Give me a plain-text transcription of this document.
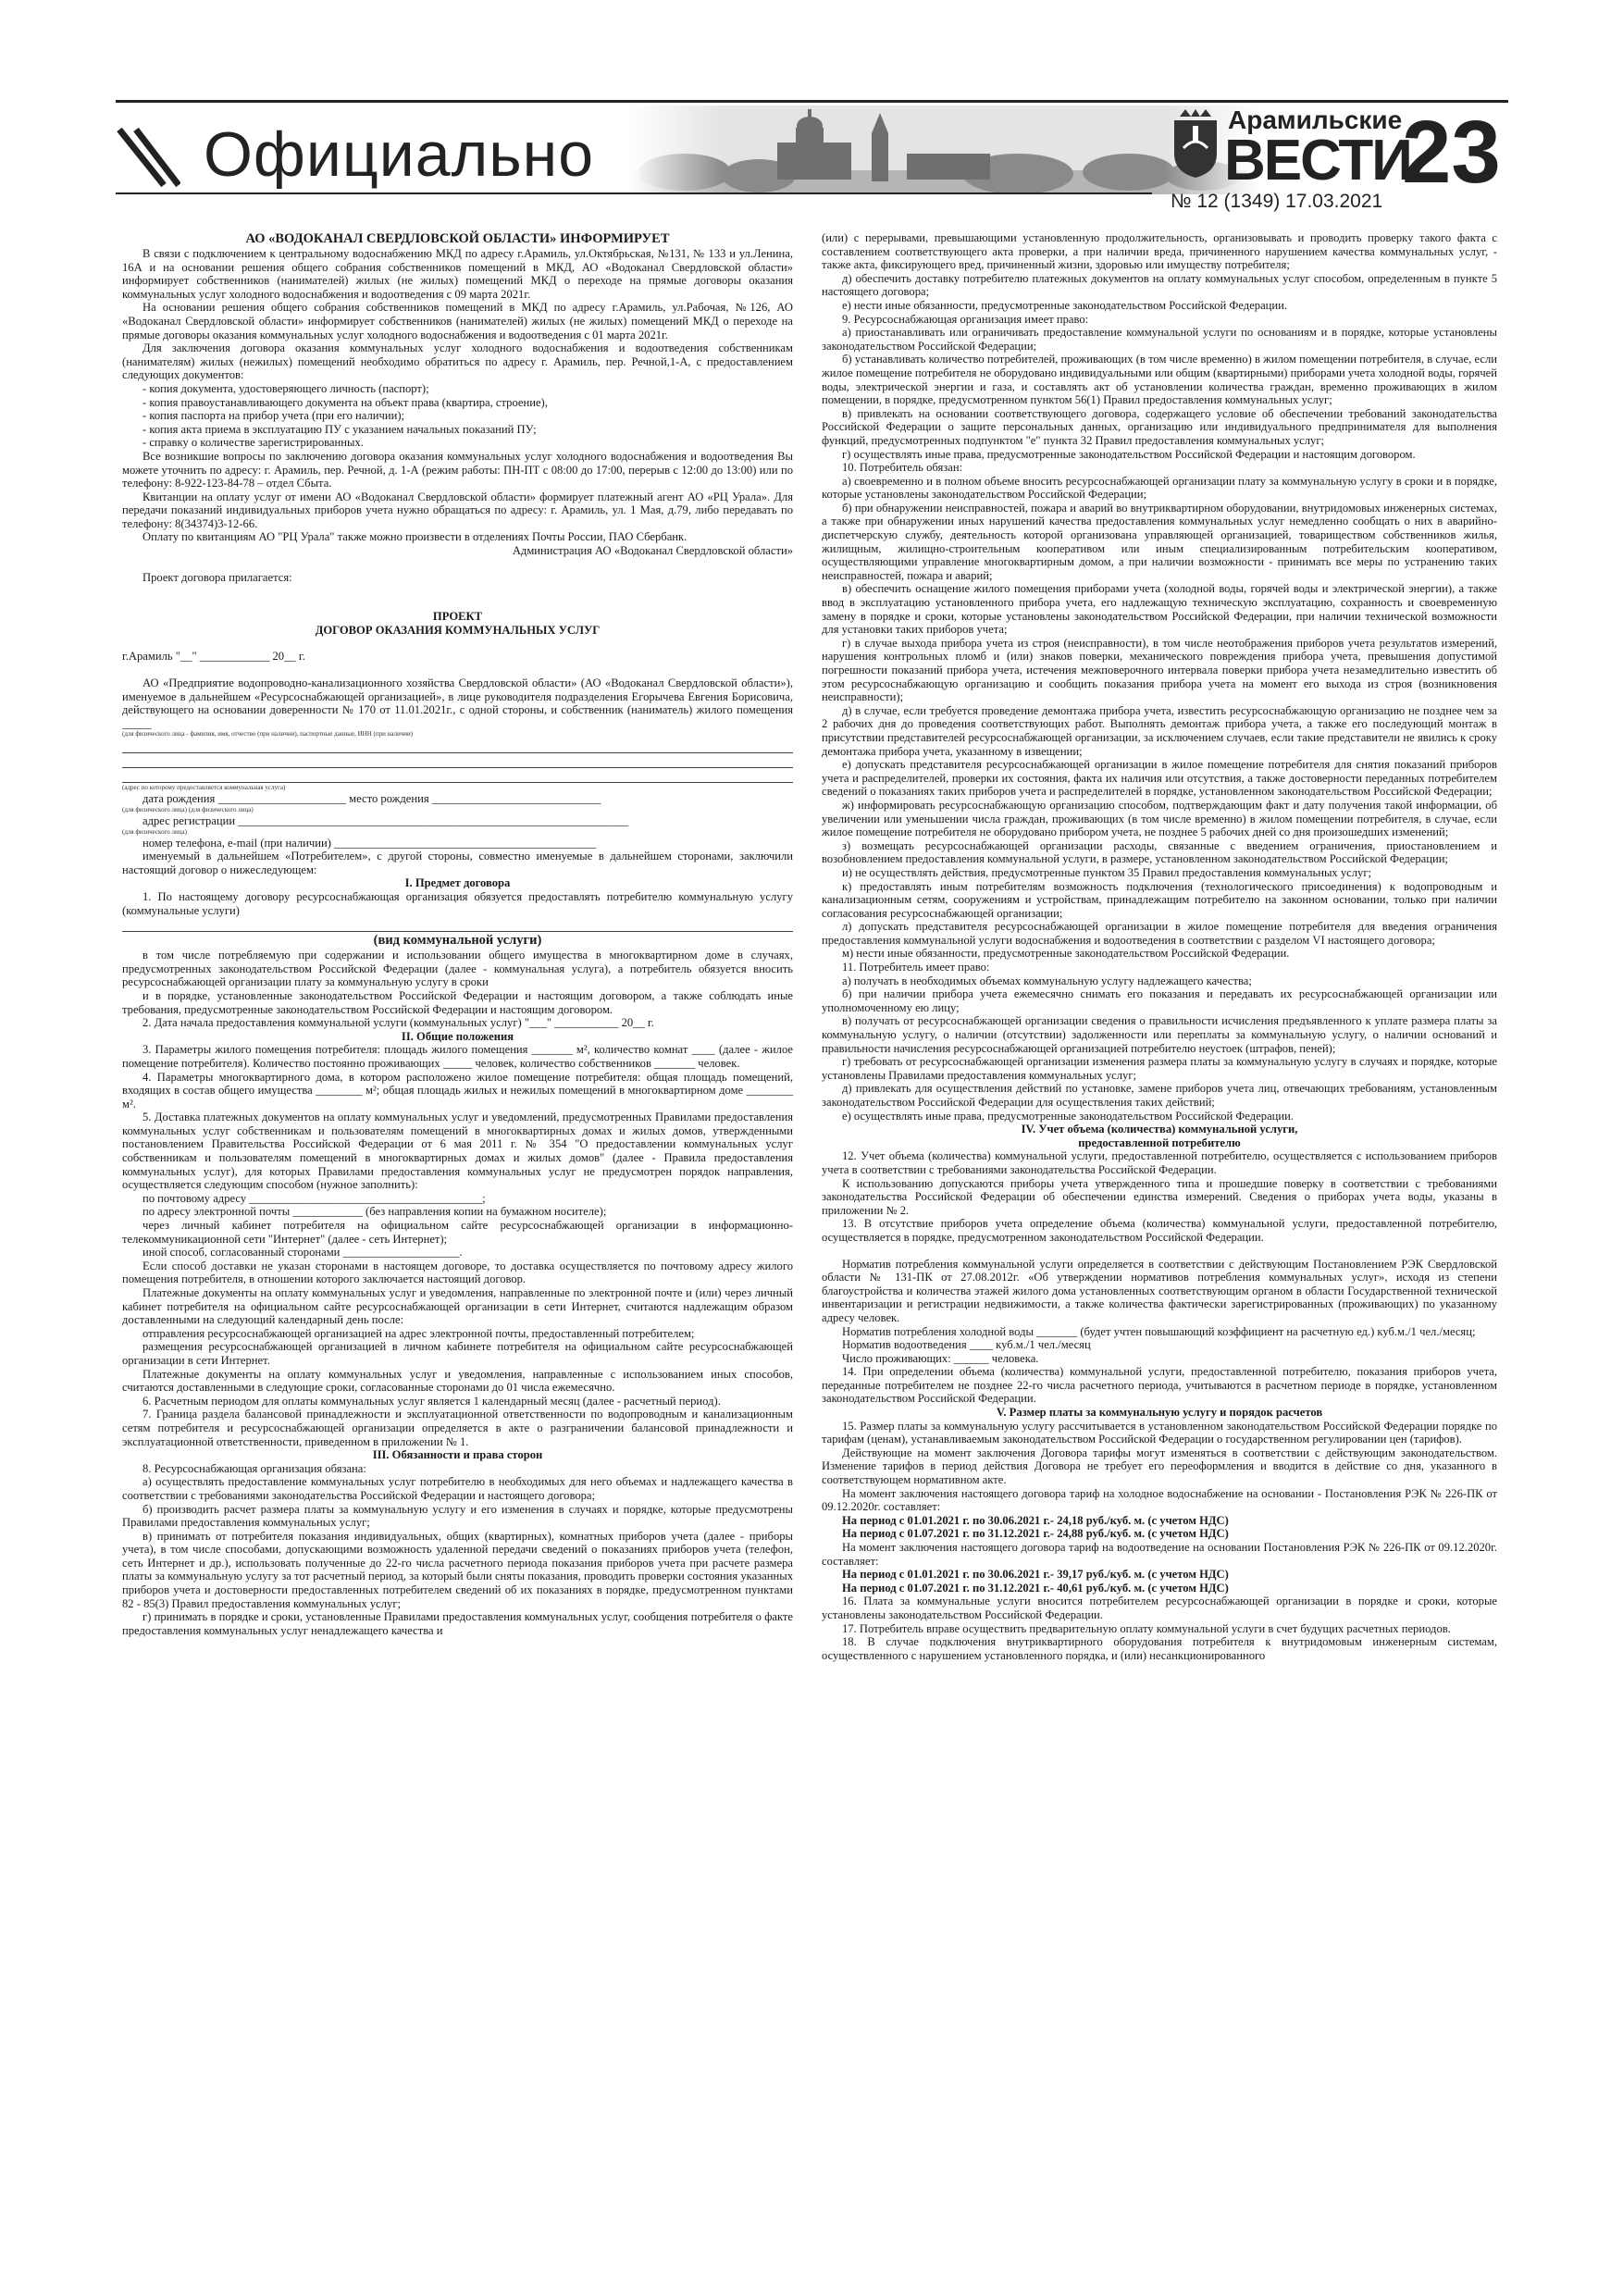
Официально	Арамильские
ВЕСТИ
23
№ 12 (1349) 17.03.2021

АО «ВОДОКАНАЛ СВЕРДЛОВСКОЙ ОБЛАСТИ» ИНФОРМИРУЕТ

В связи с подключением к центральному водоснабжению МКД по адресу г.Арамиль, ул.Октябрьская, №131, № 133 и ул.Ленина, 16А и на основании решения общего собрания собственников помещений в МКД, АО «Водоканал Свердловской области» информирует собственников (нанимателей) жилых (не жилых) помещений МКД о переходе на прямые договоры оказания коммунальных услуг холодного водоснабжения и водоотведения с 09 марта 2021г.

На основании решения общего собрания собственников помещений в МКД по адресу г.Арамиль, ул.Рабочая, №126, АО «Водоканал Свердловской области» информирует собственников (нанимателей) жилых (не жилых) помещений МКД о переходе на прямые договоры оказания коммунальных услуг холодного водоснабжения и водоотведения с 01 марта 2021г.

Для заключения договора оказания коммунальных услуг холодного водоснабжения и водоотведения собственникам (нанимателям) жилых (нежилых) помещений необходимо обратиться по адресу г. Арамиль, пер. Речной,1-А, с предоставлением следующих документов:

- копия документа, удостоверяющего личность (паспорт);

- копия правоустанавливающего документа на объект права (квартира, строение),

- копия паспорта на прибор учета (при его наличии);

- копия акта приема в эксплуатацию ПУ с указанием начальных показаний ПУ;

- справку о количестве зарегистрированных.

Все возникшие вопросы по заключению договора оказания коммунальных услуг холодного водоснабжения и водоотведения Вы можете уточнить по адресу: г. Арамиль, пер. Речной, д. 1-А (режим работы: ПН-ПТ с 08:00 до 17:00, перерыв с 12:00 до 13:00) или по телефону: 8-922-123-84-78 – отдел Сбыта.

Квитанции на оплату услуг от имени АО «Водоканал Свердловской области» формирует платежный агент АО «РЦ Урала». Для передачи показаний индивидуальных приборов учета нужно обращаться по адресу: г. Арамиль, ул. 1 Мая, д.79, либо передавать по телефону: 8(34374)3-12-66.

Оплату по квитанциям АО "РЦ Урала" также можно произвести в отделениях Почты России, ПАО Сбербанк.

Администрация АО «Водоканал Свердловской области»

Проект договора прилагается:

ПРОЕКТ

ДОГОВОР ОКАЗАНИЯ КОММУНАЛЬНЫХ УСЛУГ

г.Арамиль "__" ____________ 20__ г.

АО «Предприятие водопроводно-канализационного хозяйства Свердловской области» (АО «Водоканал Свердловской области»), именуемое в дальнейшем «Ресурсоснабжающей организацией», в лице руководителя подразделения Егорычева Евгения Борисовича, действующего на основании доверенности № 170 от 11.01.2021г., с одной стороны, и собственник (наниматель) жилого помещения _____

(для физического лица - фамилия, имя, отчество (при наличии), паспортные данные, ИНН (при наличии)

(адрес по которому предоставляется коммунальная услуга)

дата рождения ______________________ место рождения _____________________________

(для физического лица) (для физического лица)

адрес регистрации ___________________________________________________________________

(для физического лица)

номер телефона, e-mail (при наличии) _____________________________________________

именуемый в дальнейшем «Потребителем», с другой стороны, совместно именуемые в дальнейшем сторонами, заключили настоящий договор о нижеследующем:

I. Предмет договора

1. По настоящему договору ресурсоснабжающая организация обязуется предоставлять потребителю коммунальную услугу (коммунальные услуги)

(вид коммунальной услуги)

в том числе потребляемую при содержании и использовании общего имущества в многоквартирном доме в случаях, предусмотренных законодательством Российской Федерации (далее - коммунальная услуга), а потребитель обязуется вносить ресурсоснабжающей организации плату за коммунальную услугу в сроки

и в порядке, установленные законодательством Российской Федерации и настоящим договором, а также соблюдать иные требования, предусмотренные законодательством Российской Федерации и настоящим договором.

2. Дата начала предоставления коммунальной услуги (коммунальных услуг) "___" ___________ 20__ г.

II. Общие положения

3. Параметры жилого помещения потребителя: площадь жилого помещения _______ м², количество комнат ____ (далее - жилое помещение потребителя). Количество постоянно проживающих _____ человек, количество собственников _______ человек.

4. Параметры многоквартирного дома, в котором расположено жилое помещение потребителя: общая площадь помещений, входящих в состав общего имущества ________ м²; общая площадь жилых и нежилых помещений в многоквартирном доме ________ м².

5. Доставка платежных документов на оплату коммунальных услуг и уведомлений, предусмотренных Правилами предоставления коммунальных услуг собственникам и пользователям помещений в многоквартирных домах и жилых домов, утвержденными постановлением Правительства Российской Федерации от 6 мая 2011 г. № 354 "О предоставлении коммунальных услуг собственникам и пользователям помещений в многоквартирных домах и жилых домов" (далее - Правила предоставления коммунальных услуг), для которых Правилами предоставления коммунальных услуг не предусмотрен порядок направления, осуществляется следующим способом (нужное заполнить):

по почтовому адресу ________________________________________;

по адресу электронной почты ____________ (без направления копии на бумажном носителе);

через личный кабинет потребителя на официальном сайте ресурсоснабжающей организации в информационно-телекоммуникационной сети "Интернет" (далее - сеть Интернет);

иной способ, согласованный сторонами ____________________.

Если способ доставки не указан сторонами в настоящем договоре, то доставка осуществляется по почтовому адресу жилого помещения потребителя, в отношении которого заключается настоящий договор.

Платежные документы на оплату коммунальных услуг и уведомления, направленные по электронной почте и (или) через личный кабинет потребителя на официальном сайте ресурсоснабжающей организации в сети Интернет, считаются надлежащим образом доставленными на следующий календарный день после:

отправления ресурсоснабжающей организацией на адрес электронной почты, предоставленный потребителем;

размещения ресурсоснабжающей организацией в личном кабинете потребителя на официальном сайте ресурсоснабжающей организации в сети Интернет.

Платежные документы на оплату коммунальных услуг и уведомления, направленные с использованием иных способов, считаются доставленными в следующие сроки, согласованные сторонами до 01 числа ежемесячно.

6. Расчетным периодом для оплаты коммунальных услуг является 1 календарный месяц (далее - расчетный период).

7. Граница раздела балансовой принадлежности и эксплуатационной ответственности по водопроводным и канализационным сетям потребителя и ресурсоснабжающей организации определяется в акте о разграничении балансовой принадлежности и эксплуатационной ответственности, приведенном в приложении № 1.

III. Обязанности и права сторон

8. Ресурсоснабжающая организация обязана:

а) осуществлять предоставление коммунальных услуг потребителю в необходимых для него объемах и надлежащего качества в соответствии с требованиями законодательства Российской Федерации и настоящего договора;

б) производить расчет размера платы за коммунальную услугу и его изменения в случаях и порядке, которые предусмотрены Правилами предоставления коммунальных услуг;

в) принимать от потребителя показания индивидуальных, общих (квартирных), комнатных приборов учета (далее - приборы учета), в том числе способами, допускающими возможность удаленной передачи сведений о показаниях приборов учета (телефон, сеть Интернет и др.), использовать полученные до 22-го числа расчетного периода показания приборов учета при расчете размера платы за коммунальную услугу за тот расчетный период, за который были сняты показания, проводить проверки состояния указанных приборов учета и достоверности предоставленных потребителем сведений об их показаниях в порядке, предусмотренном пунктами 82 - 85(3) Правил предоставления коммунальных услуг;

г) принимать в порядке и сроки, установленные Правилами предоставления коммунальных услуг, сообщения потребителя о факте предоставления коммунальных услуг ненадлежащего качества и

(или) с перерывами, превышающими установленную продолжительность, организовывать и проводить проверку такого факта с составлением соответствующего акта проверки, а при наличии вреда, причиненного нарушением качества коммунальных услуг, - также акта, фиксирующего вред, причиненный жизни, здоровью или имуществу потребителя;

д) обеспечить доставку потребителю платежных документов на оплату коммунальных услуг способом, определенным в пункте 5 настоящего договора;

е) нести иные обязанности, предусмотренные законодательством Российской Федерации.

9. Ресурсоснабжающая организация имеет право:

а) приостанавливать или ограничивать предоставление коммунальной услуги по основаниям и в порядке, которые установлены законодательством Российской Федерации;

б) устанавливать количество потребителей, проживающих (в том числе временно) в жилом помещении потребителя, в случае, если жилое помещение потребителя не оборудовано индивидуальными или общим (квартирными) приборами учета холодной воды, горячей воды, электрической энергии и газа, и составлять акт об установлении количества граждан, временно проживающих в жилом помещении, в порядке, предусмотренном пунктом 56(1) Правил предоставления коммунальных услуг;

в) привлекать на основании соответствующего договора, содержащего условие об обеспечении требований законодательства Российской Федерации о защите персональных данных, организацию или индивидуального предпринимателя для выполнения функций, предусмотренных подпунктом "е" пункта 32 Правил предоставления коммунальных услуг;

г) осуществлять иные права, предусмотренные законодательством Российской Федерации и настоящим договором.

10. Потребитель обязан:

а) своевременно и в полном объеме вносить ресурсоснабжающей организации плату за коммунальную услугу в сроки и в порядке, которые установлены законодательством Российской Федерации;

б) при обнаружении неисправностей, пожара и аварий во внутриквартирном оборудовании, внутридомовых инженерных системах, а также при обнаружении иных нарушений качества предоставления коммунальных услуг немедленно сообщать о них в аварийно-диспетчерскую службу, деятельность которой организована управляющей организацией, товариществом собственников жилья, жилищным, жилищно-строительным кооперативом или иным специализированным потребительским кооперативом, осуществляющими управление многоквартирным домом, а при наличии возможности - принимать все меры по устранению таких неисправностей, пожара и аварий;

в) обеспечить оснащение жилого помещения приборами учета (холодной воды, горячей воды и электрической энергии), а также ввод в эксплуатацию установленного прибора учета, его надлежащую техническую эксплуатацию, сохранность и своевременную замену в порядке и сроки, которые установлены законодательством Российской Федерации, при наличии технической возможности для установки таких приборов учета;

г) в случае выхода прибора учета из строя (неисправности), в том числе неотображения приборов учета результатов измерений, нарушения контрольных пломб и (или) знаков поверки, механического повреждения прибора учета, превышения допустимой погрешности показаний прибора учета, истечения межповерочного интервала поверки прибора учета незамедлительно известить об этом ресурсоснабжающую организацию и сообщить показания прибора учета на момент его выхода из строя (возникновения неисправности);

д) в случае, если требуется проведение демонтажа прибора учета, известить ресурсоснабжающую организацию не позднее чем за 2 рабочих дня до проведения соответствующих работ. Выполнять демонтаж прибора учета, а также его последующий монтаж в присутствии представителей ресурсоснабжающей организации, за исключением случаев, если такие представители не явились к сроку демонтажа прибора учета, указанному в извещении;

е) допускать представителя ресурсоснабжающей организации в жилое помещение потребителя для снятия показаний приборов учета и распределителей, проверки их состояния, факта их наличия или отсутствия, а также достоверности переданных потребителем сведений о показаниях таких приборов учета и распределителей в порядке, установленном законодательством Российской Федерации;

ж) информировать ресурсоснабжающую организацию способом, подтверждающим факт и дату получения такой информации, об увеличении или уменьшении числа граждан, проживающих (в том числе временно) в жилом помещении потребителя, в случае, если жилое помещение потребителя не оборудовано прибором учета, не позднее 5 рабочих дней со дня произошедших изменений;

з) возмещать ресурсоснабжающей организации расходы, связанные с введением ограничения, приостановлением и возобновлением предоставления коммунальной услуги, в размере, установленном законодательством Российской Федерации;

и) не осуществлять действия, предусмотренные пунктом 35 Правил предоставления коммунальных услуг;

к) предоставлять иным потребителям возможность подключения (технологического присоединения) к водопроводным и канализационным сетям, сооружениям и устройствам, принадлежащим потребителю на законном основании, только при наличии согласования ресурсоснабжающей организации;

л) допускать представителя ресурсоснабжающей организации в жилое помещение потребителя для введения ограничения предоставления коммунальной услуги водоснабжения и водоотведения в соответствии с разделом VI настоящего договора;

м) нести иные обязанности, предусмотренные законодательством Российской Федерации.

11. Потребитель имеет право:

а) получать в необходимых объемах коммунальную услугу надлежащего качества;

б) при наличии прибора учета ежемесячно снимать его показания и передавать их ресурсоснабжающей организации или уполномоченному ею лицу;

в) получать от ресурсоснабжающей организации сведения о правильности исчисления предъявленного к уплате размера платы за коммунальную услугу, о наличии (отсутствии) задолженности или переплаты за коммунальную услугу, о наличии оснований и правильности начисления ресурсоснабжающей организацией потребителю неустоек (штрафов, пеней);

г) требовать от ресурсоснабжающей организации изменения размера платы за коммунальную услугу в случаях и порядке, которые установлены Правилами предоставления коммунальных услуг;

д) привлекать для осуществления действий по установке, замене приборов учета лиц, отвечающих требованиям, установленным законодательством Российской Федерации для осуществления таких действий;

е) осуществлять иные права, предусмотренные законодательством Российской Федерации.

IV. Учет объема (количества) коммунальной услуги,

предоставленной потребителю

12. Учет объема (количества) коммунальной услуги, предоставленной потребителю, осуществляется с использованием приборов учета в соответствии с требованиями законодательства Российской Федерации.

К использованию допускаются приборы учета утвержденного типа и прошедшие поверку в соответствии с требованиями законодательства Российской Федерации об обеспечении единства измерений. Сведения о приборах учета воды, указаны в приложении № 2.

13. В отсутствие приборов учета определение объема (количества) коммунальной услуги, предоставленной потребителю, осуществляется в порядке, предусмотренном законодательством Российской Федерации.

Норматив потребления коммунальной услуги определяется в соответствии с действующим Постановлением РЭК Свердловской области № 131-ПК от 27.08.2012г. «Об утверждении нормативов потребления коммунальных услуг», исходя из степени благоустройства и количества этажей жилого дома установленных соответствующим органом в области Государственной технической инвентаризации и регистрации недвижимости, а также количества фактически зарегистрированных (проживающих) по указанному адресу человек.

Норматив потребления холодной воды _______ (будет учтен повышающий коэффициент на расчетную ед.) куб.м./1 чел./месяц;

Норматив водоотведения ____ куб.м./1 чел./месяц

Число проживающих: ______ человека.

14. При определении объема (количества) коммунальной услуги, предоставленной потребителю, показания приборов учета, переданные потребителем не позднее 22-го числа расчетного периода, учитываются в расчетном периоде в порядке, установленном законодательством Российской Федерации.

V. Размер платы за коммунальную услугу и порядок расчетов

15. Размер платы за коммунальную услугу рассчитывается в установленном законодательством Российской Федерации порядке по тарифам (ценам), устанавливаемым законодательством Российской Федерации о государственном регулировании цен (тарифов).

Действующие на момент заключения Договора тарифы могут изменяться в соответствии с действующим законодательством. Изменение тарифов в период действия Договора не требует его переоформления и вводится в действие со дня, указанного в соответствующем нормативном акте.

На момент заключения настоящего договора тариф на холодное водоснабжение на основании - Постановления РЭК № 226-ПК от 09.12.2020г. составляет:

На период с 01.01.2021 г. по 30.06.2021 г.- 24,18 руб./куб. м. (с учетом НДС)

На период с 01.07.2021 г. по 31.12.2021 г.- 24,88 руб./куб. м. (с учетом НДС)

На момент заключения настоящего договора тариф на водоотведение на основании Постановления РЭК № 226-ПК от 09.12.2020г. составляет:

На период с 01.01.2021 г. по 30.06.2021 г.- 39,17 руб./куб. м. (с учетом НДС)

На период с 01.07.2021 г. по 31.12.2021 г.- 40,61 руб./куб. м. (с учетом НДС)

16. Плата за коммунальные услуги вносится потребителем ресурсоснабжающей организации в порядке и сроки, которые установлены законодательством Российской Федерации.

17. Потребитель вправе осуществить предварительную оплату коммунальной услуги в счет будущих расчетных периодов.

18. В случае подключения внутриквартирного оборудования потребителя к внутридомовым инженерным системам, осуществленного с нарушением установленного порядка, и (или) несанкционированного
